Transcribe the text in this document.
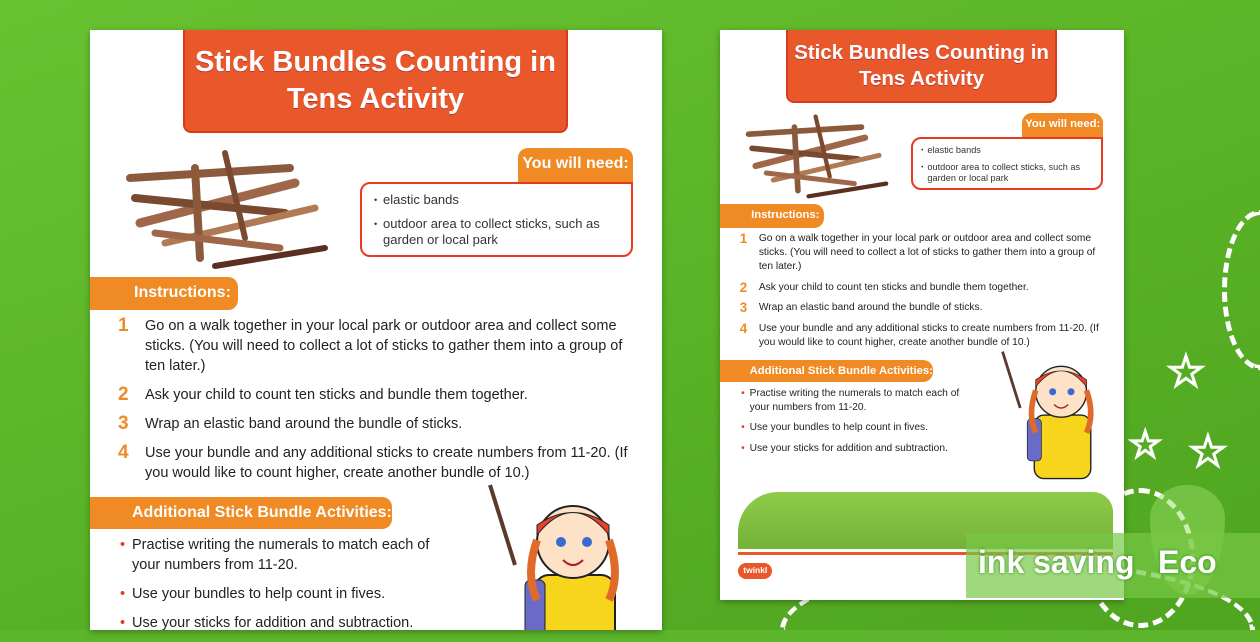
★
★ ★
Stick Bundles Counting in
Tens Activity
You will need:
• elastic bands
• outdoor area to collect sticks, such as garden or local park
Instructions:
1	Go on a walk together in your local park or outdoor area and collect some sticks. (You will need to collect a lot of sticks to gather them into a group of ten later.)
2	Ask your child to count ten sticks and bundle them together.
3	Wrap an elastic band around the bundle of sticks.
4	Use your bundle and any additional sticks to create numbers from 11-20. (If you would like to count higher, create another bundle of 10.)
Additional Stick Bundle Activities:
• Practise writing the numerals to match each of your numbers from 11-20.
• Use your bundles to help count in fives.
• Use your sticks for addition and subtraction.
Stick Bundles Counting in
Tens Activity
You will need:
• elastic bands
• outdoor area to collect sticks, such as garden or local park
Instructions:
1	Go on a walk together in your local park or outdoor area and collect some sticks. (You will need to collect a lot of sticks to gather them into a group of ten later.)
2	Ask your child to count ten sticks and bundle them together.
3	Wrap an elastic band around the bundle of sticks.
4	Use your bundle and any additional sticks to create numbers from 11-20. (If you would like to count higher, create another bundle of 10.)
Additional Stick Bundle Activities:
• Practise writing the numerals to match each of your numbers from 11-20.
• Use your bundles to help count in fives.
• Use your sticks for addition and subtraction.
twinkl	ink saving Eco
